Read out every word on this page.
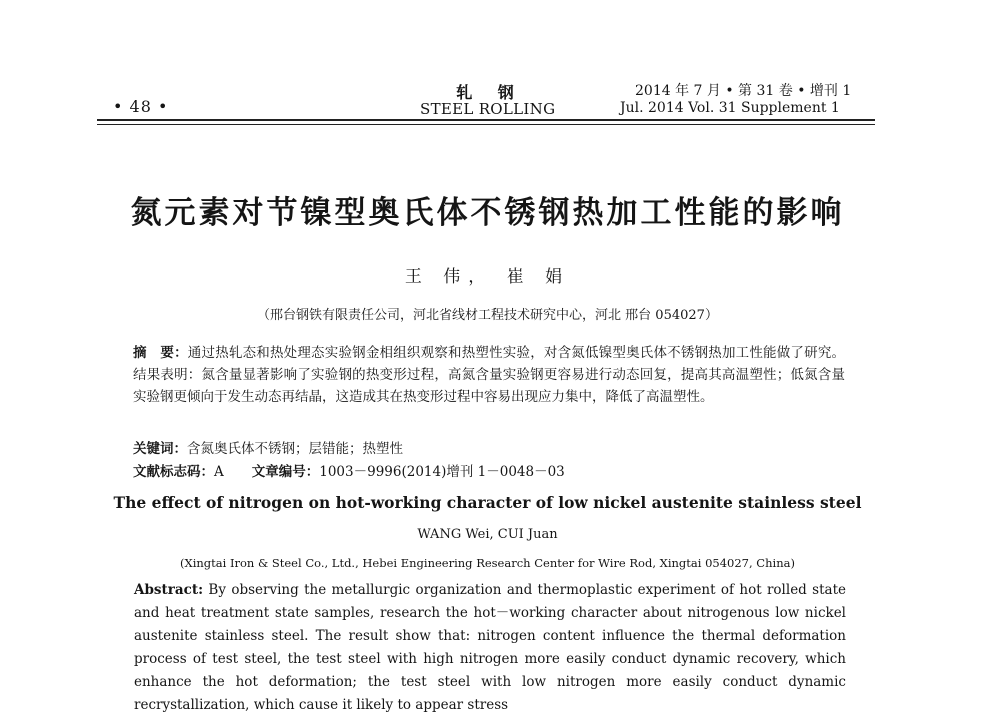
• 48 •
轧 钢
STEEL ROLLING
2014 年 7 月 • 第 31 卷 • 增刊 1
Jul. 2014 Vol. 31 Supplement 1
氮元素对节镍型奥氏体不锈钢热加工性能的影响
王 伟， 崔 娟
（邢台钢铁有限责任公司，河北省线材工程技术研究中心，河北 邢台 054027）
摘　要：通过热轧态和热处理态实验钢金相组织观察和热塑性实验，对含氮低镍型奥氏体不锈钢热加工性能做了研究。结果表明：氮含量显著影响了实验钢的热变形过程，高氮含量实验钢更容易进行动态回复，提高其高温塑性；低氮含量实验钢更倾向于发生动态再结晶，这造成其在热变形过程中容易出现应力集中，降低了高温塑性。
关键词：含氮奥氏体不锈钢；层错能；热塑性
文献标志码：A 文章编号：1003－9996(2014)增刊 1－0048－03
The effect of nitrogen on hot-working character of low nickel austenite stainless steel
WANG Wei, CUI Juan
(Xingtai Iron & Steel Co., Ltd., Hebei Engineering Research Center for Wire Rod, Xingtai 054027, China)
Abstract: By observing the metallurgic organization and thermoplastic experiment of hot rolled state and heat treatment state samples, research the hot－working character about nitrogenous low nickel austenite stainless steel. The result show that: nitrogen content influence the thermal deformation process of test steel, the test steel with high nitrogen more easily conduct dynamic recovery, which enhance the hot deformation; the test steel with low nitrogen more easily conduct dynamic recrystallization, which cause it likely to appear stress
